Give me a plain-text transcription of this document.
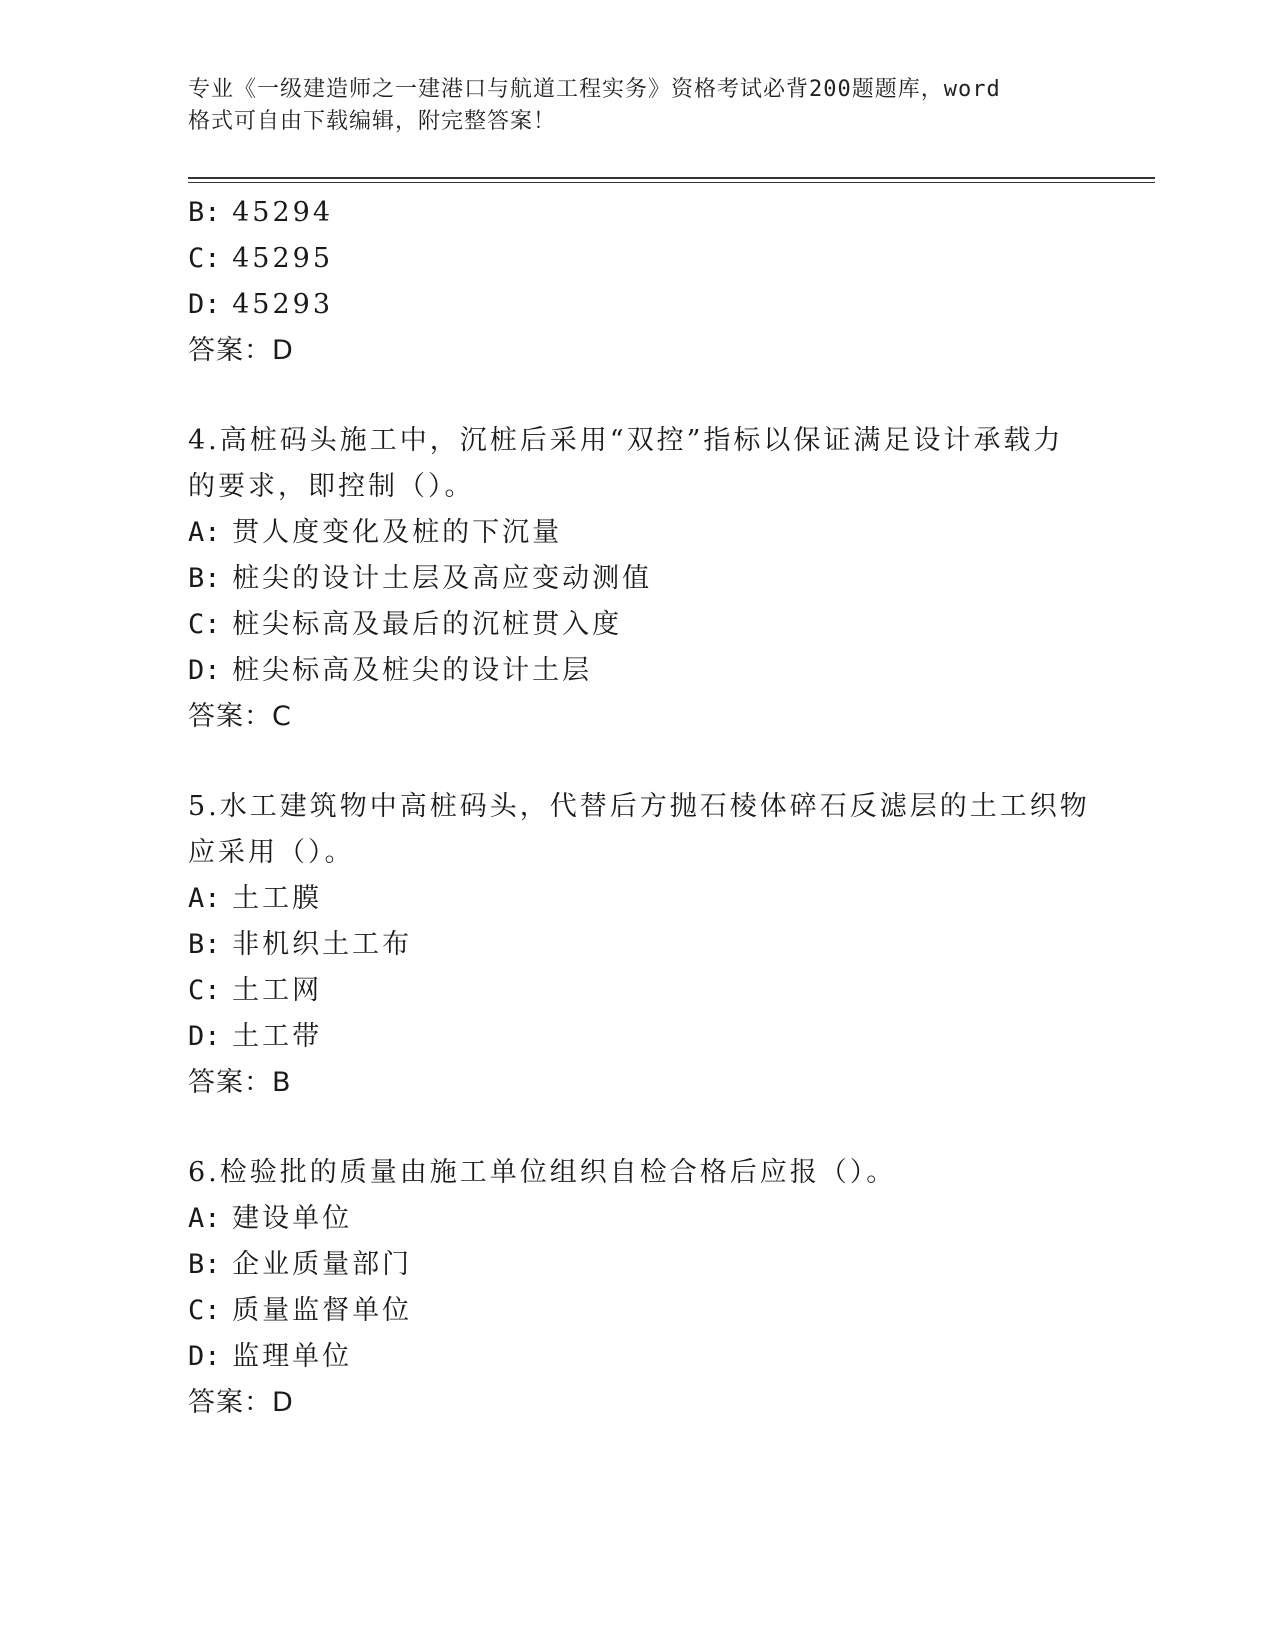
专业《一级建造师之一建港口与航道工程实务》资格考试必背200题题库，word
格式可自由下载编辑，附完整答案！
B: 45294
C: 45295
D: 45293
答案：D
4.高桩码头施工中，沉桩后采用“双控”指标以保证满足设计承载力
的要求，即控制（）。
A: 贯人度变化及桩的下沉量
B: 桩尖的设计土层及高应变动测值
C: 桩尖标高及最后的沉桩贯入度
D: 桩尖标高及桩尖的设计土层
答案：C
5.水工建筑物中高桩码头，代替后方抛石棱体碎石反滤层的土工织物
应采用（）。
A: 土工膜
B: 非机织土工布
C: 土工网
D: 土工带
答案：B
6.检验批的质量由施工单位组织自检合格后应报（）。
A: 建设单位
B: 企业质量部门
C: 质量监督单位
D: 监理单位
答案：D
